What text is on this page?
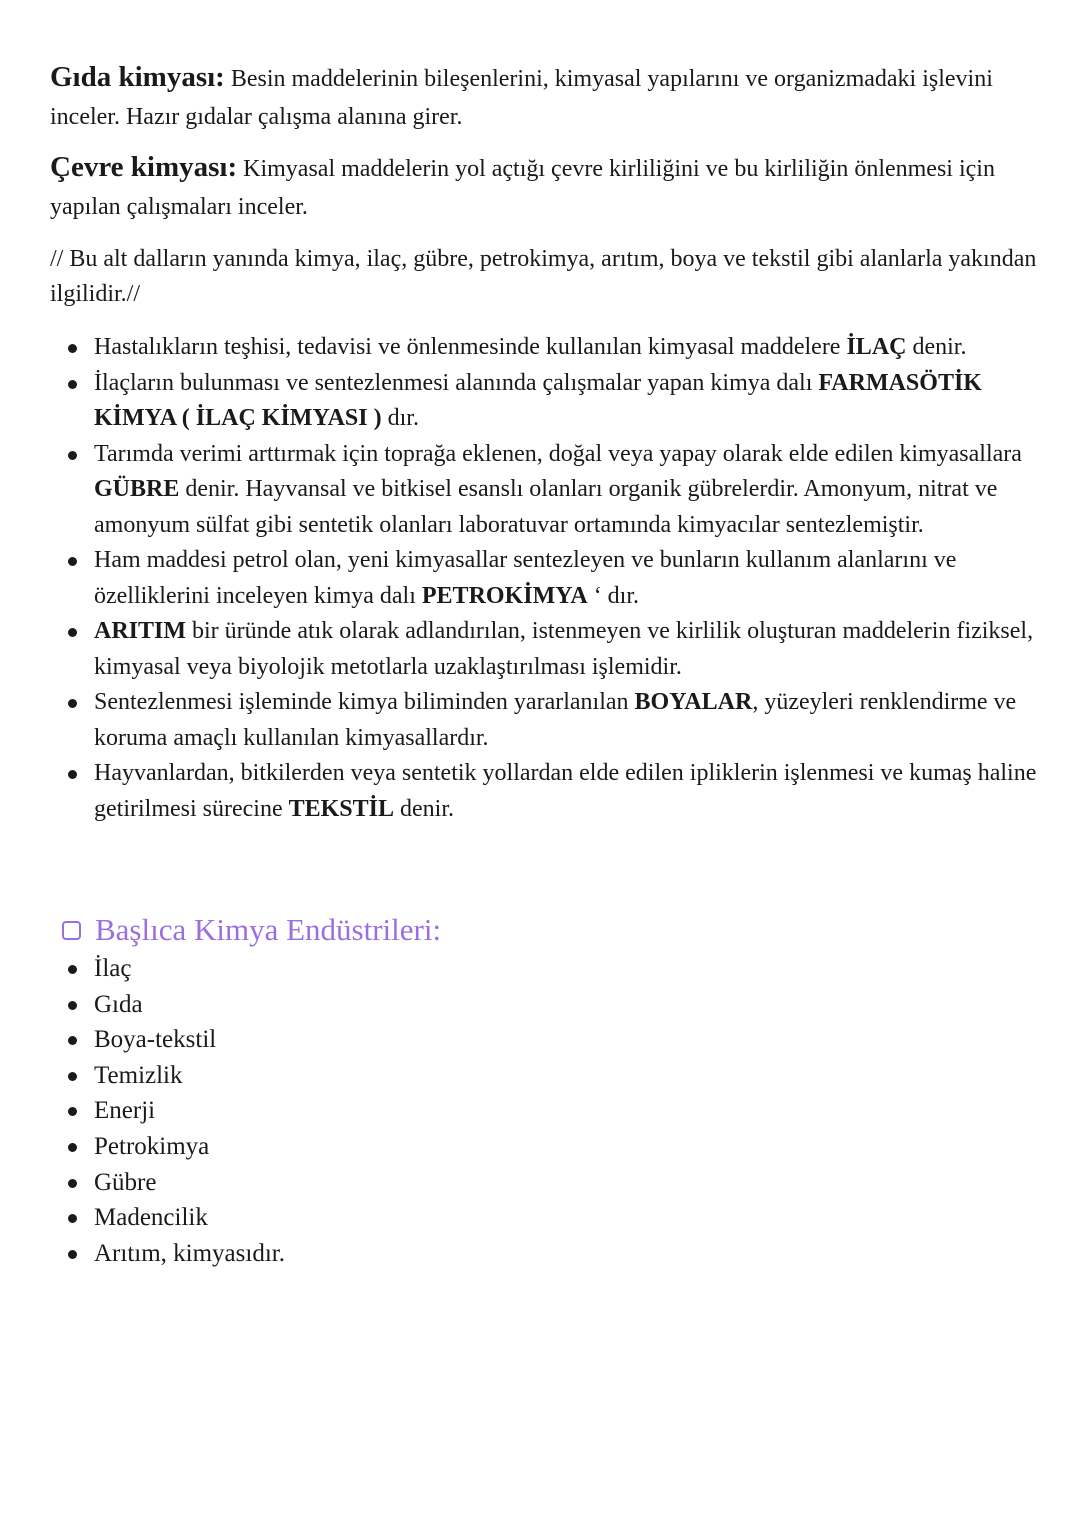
Gıda kimyası: Besin maddelerinin bileşenlerini, kimyasal yapılarını ve organizmadaki işlevini inceler. Hazır gıdalar çalışma alanına girer.

Çevre kimyası: Kimyasal maddelerin yol açtığı çevre kirliliğini ve bu kirliliğin önlenmesi için yapılan çalışmaları inceler.

// Bu alt dalların yanında kimya, ilaç, gübre, petrokimya, arıtım, boya ve tekstil gibi alanlarla yakından ilgilidir.//

Hastalıkların teşhisi, tedavisi ve önlenmesinde kullanılan kimyasal maddelere İLAÇ denir.
İlaçların bulunması ve sentezlenmesi alanında çalışmalar yapan kimya dalı FARMASÖTİK KİMYA ( İLAÇ KİMYASI ) dır.
Tarımda verimi arttırmak için toprağa eklenen, doğal veya yapay olarak elde edilen kimyasallara GÜBRE denir. Hayvansal ve bitkisel esanslı olanları organik gübrelerdir. Amonyum, nitrat ve amonyum sülfat gibi sentetik olanları laboratuvar ortamında kimyacılar sentezlemiştir.
Ham maddesi petrol olan, yeni kimyasallar sentezleyen ve bunların kullanım alanlarını ve özelliklerini inceleyen kimya dalı PETROKİMYA ‘ dır.
ARITIM bir üründe atık olarak adlandırılan, istenmeyen ve kirlilik oluşturan maddelerin fiziksel, kimyasal veya biyolojik metotlarla uzaklaştırılması işlemidir.
Sentezlenmesi işleminde kimya biliminden yararlanılan BOYALAR, yüzeyleri renklendirme ve koruma amaçlı kullanılan kimyasallardır.
Hayvanlardan, bitkilerden veya sentetik yollardan elde edilen ipliklerin işlenmesi ve kumaş haline getirilmesi sürecine TEKSTİL denir.
Başlıca Kimya Endüstrileri:
İlaç
Gıda
Boya-tekstil
Temizlik
Enerji
Petrokimya
Gübre
Madencilik
Arıtım, kimyasıdır.
